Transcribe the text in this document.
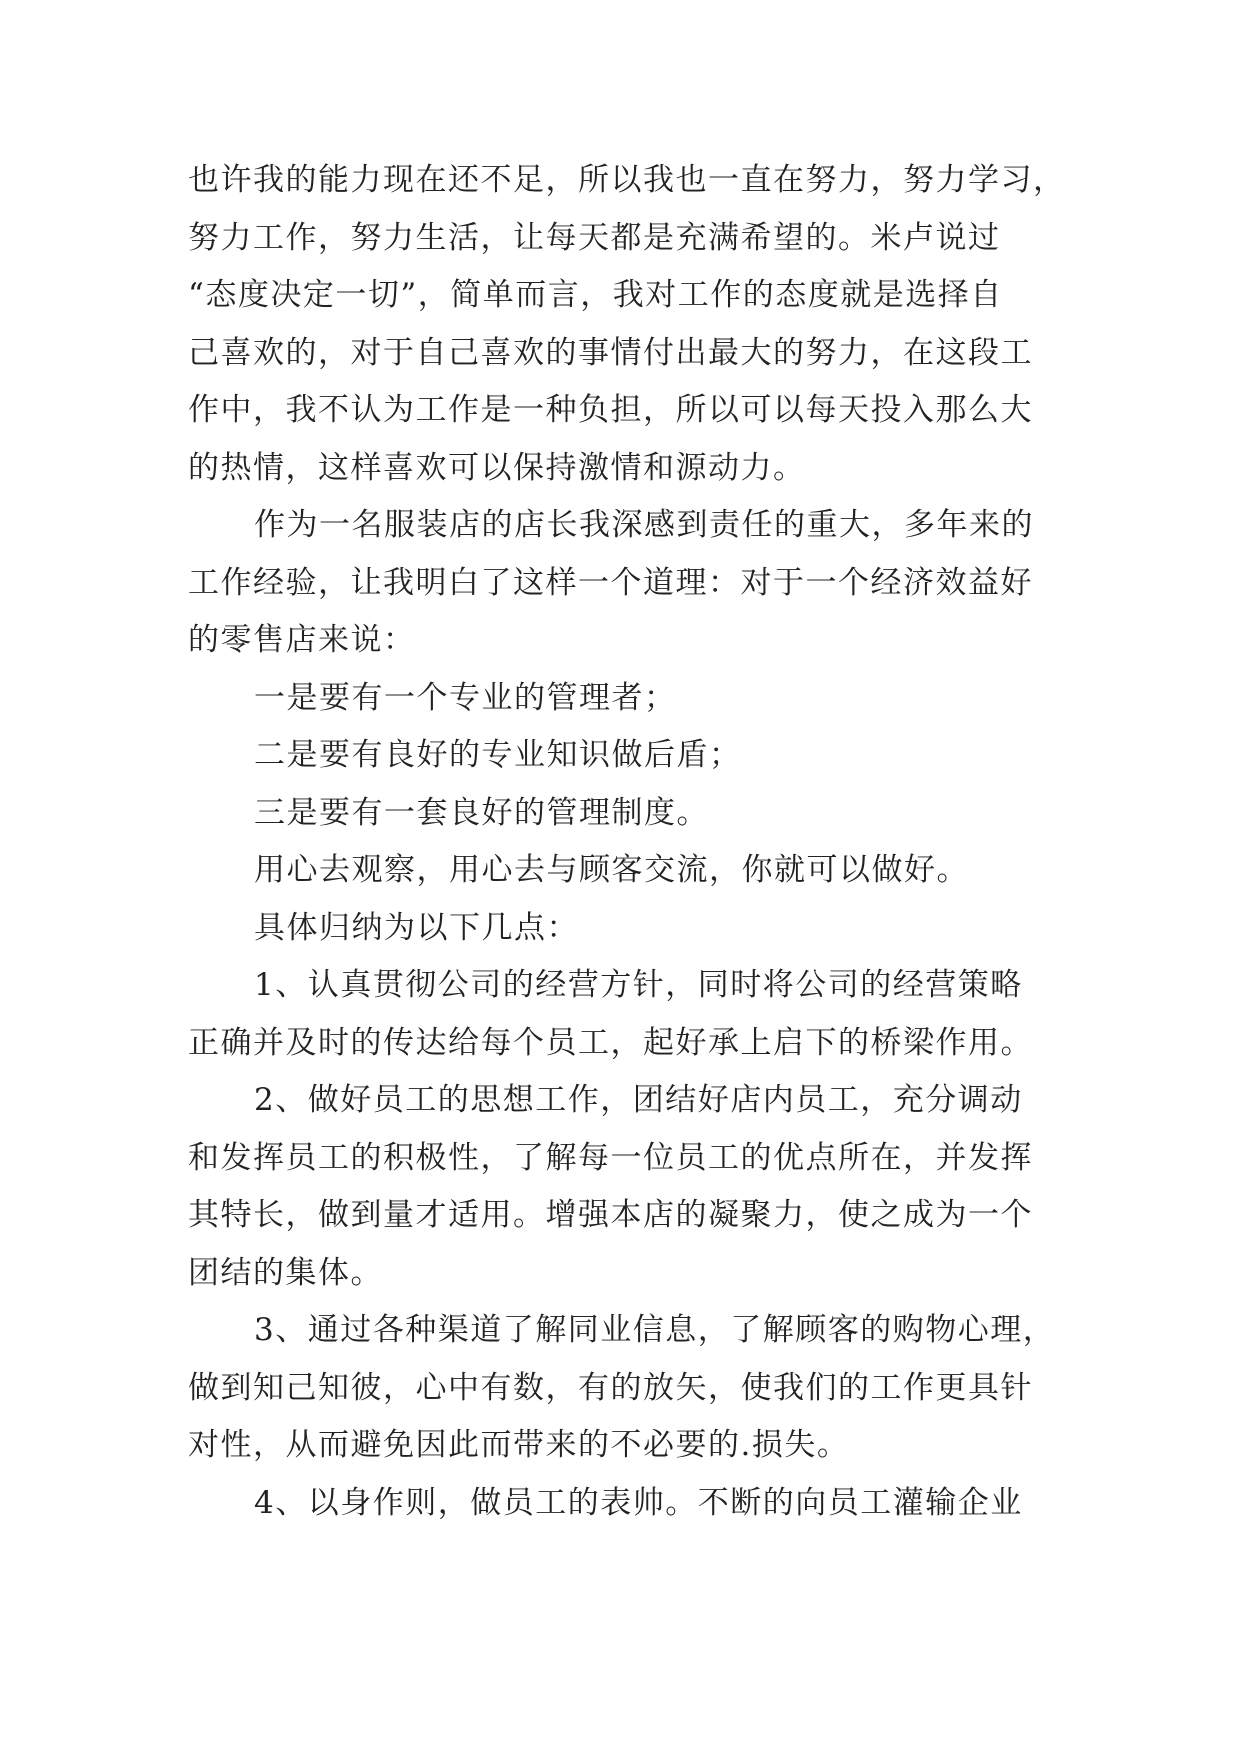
也许我的能力现在还不足，所以我也一直在努力，努力学习，
努力工作，努力生活，让每天都是充满希望的。米卢说过
“态度决定一切”，简单而言，我对工作的态度就是选择自
己喜欢的，对于自己喜欢的事情付出最大的努力，在这段工
作中，我不认为工作是一种负担，所以可以每天投入那么大
的热情，这样喜欢可以保持激情和源动力。
作为一名服装店的店长我深感到责任的重大，多年来的
工作经验，让我明白了这样一个道理：对于一个经济效益好
的零售店来说：
一是要有一个专业的管理者；
二是要有良好的专业知识做后盾；
三是要有一套良好的管理制度。
用心去观察，用心去与顾客交流，你就可以做好。
具体归纳为以下几点：
1、认真贯彻公司的经营方针，同时将公司的经营策略
正确并及时的传达给每个员工，起好承上启下的桥梁作用。
2、做好员工的思想工作，团结好店内员工，充分调动
和发挥员工的积极性，了解每一位员工的优点所在，并发挥
其特长，做到量才适用。增强本店的凝聚力，使之成为一个
团结的集体。
3、通过各种渠道了解同业信息，了解顾客的购物心理，
做到知己知彼，心中有数，有的放矢，使我们的工作更具针
对性，从而避免因此而带来的不必要的.损失。
4、以身作则，做员工的表帅。不断的向员工灌输企业
